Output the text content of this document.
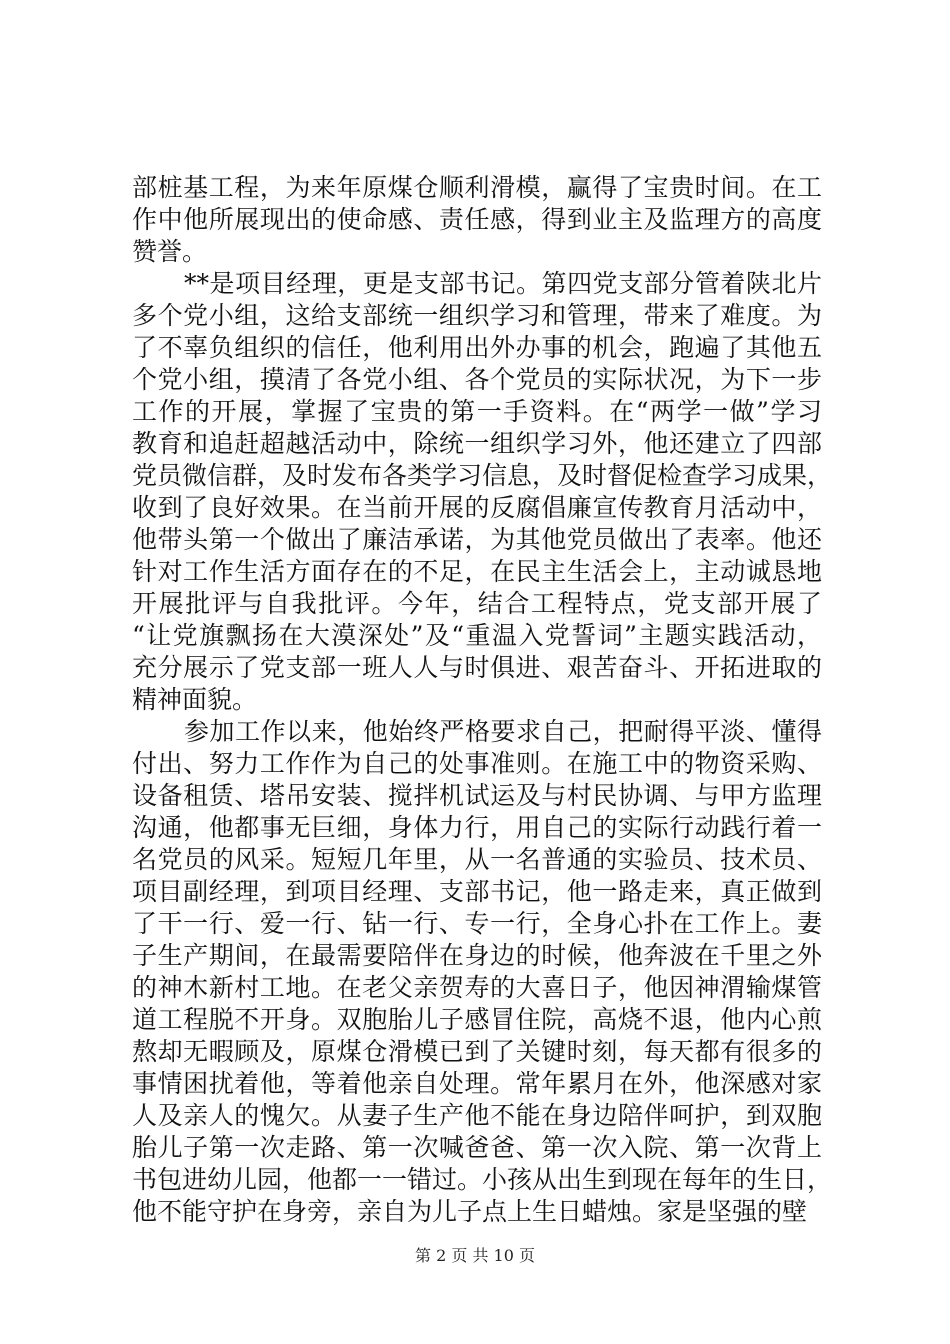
部桩基工程，为来年原煤仓顺利滑模，赢得了宝贵时间。在工
作中他所展现出的使命感、责任感，得到业主及监理方的高度
赞誉。
**是项目经理，更是支部书记。第四党支部分管着陕北片
多个党小组，这给支部统一组织学习和管理，带来了难度。为
了不辜负组织的信任，他利用出外办事的机会，跑遍了其他五
个党小组，摸清了各党小组、各个党员的实际状况，为下一步
工作的开展，掌握了宝贵的第一手资料。在“两学一做”学习
教育和追赶超越活动中，除统一组织学习外，他还建立了四部
党员微信群，及时发布各类学习信息，及时督促检查学习成果，
收到了良好效果。在当前开展的反腐倡廉宣传教育月活动中，
他带头第一个做出了廉洁承诺，为其他党员做出了表率。他还
针对工作生活方面存在的不足，在民主生活会上，主动诚恳地
开展批评与自我批评。今年，结合工程特点，党支部开展了
“让党旗飘扬在大漠深处”及“重温入党誓词”主题实践活动，
充分展示了党支部一班人人与时俱进、艰苦奋斗、开拓进取的
精神面貌。
参加工作以来，他始终严格要求自己，把耐得平淡、懂得
付出、努力工作作为自己的处事准则。在施工中的物资采购、
设备租赁、塔吊安装、搅拌机试运及与村民协调、与甲方监理
沟通，他都事无巨细，身体力行，用自己的实际行动践行着一
名党员的风采。短短几年里，从一名普通的实验员、技术员、
项目副经理，到项目经理、支部书记，他一路走来，真正做到
了干一行、爱一行、钻一行、专一行，全身心扑在工作上。妻
子生产期间，在最需要陪伴在身边的时候，他奔波在千里之外
的神木新村工地。在老父亲贺寿的大喜日子，他因神渭输煤管
道工程脱不开身。双胞胎儿子感冒住院，高烧不退，他内心煎
熬却无暇顾及，原煤仓滑模已到了关键时刻，每天都有很多的
事情困扰着他，等着他亲自处理。常年累月在外，他深感对家
人及亲人的愧欠。从妻子生产他不能在身边陪伴呵护，到双胞
胎儿子第一次走路、第一次喊爸爸、第一次入院、第一次背上
书包进幼儿园，他都一一错过。小孩从出生到现在每年的生日，
他不能守护在身旁，亲自为儿子点上生日蜡烛。家是坚强的壁
第 2 页 共 10 页
